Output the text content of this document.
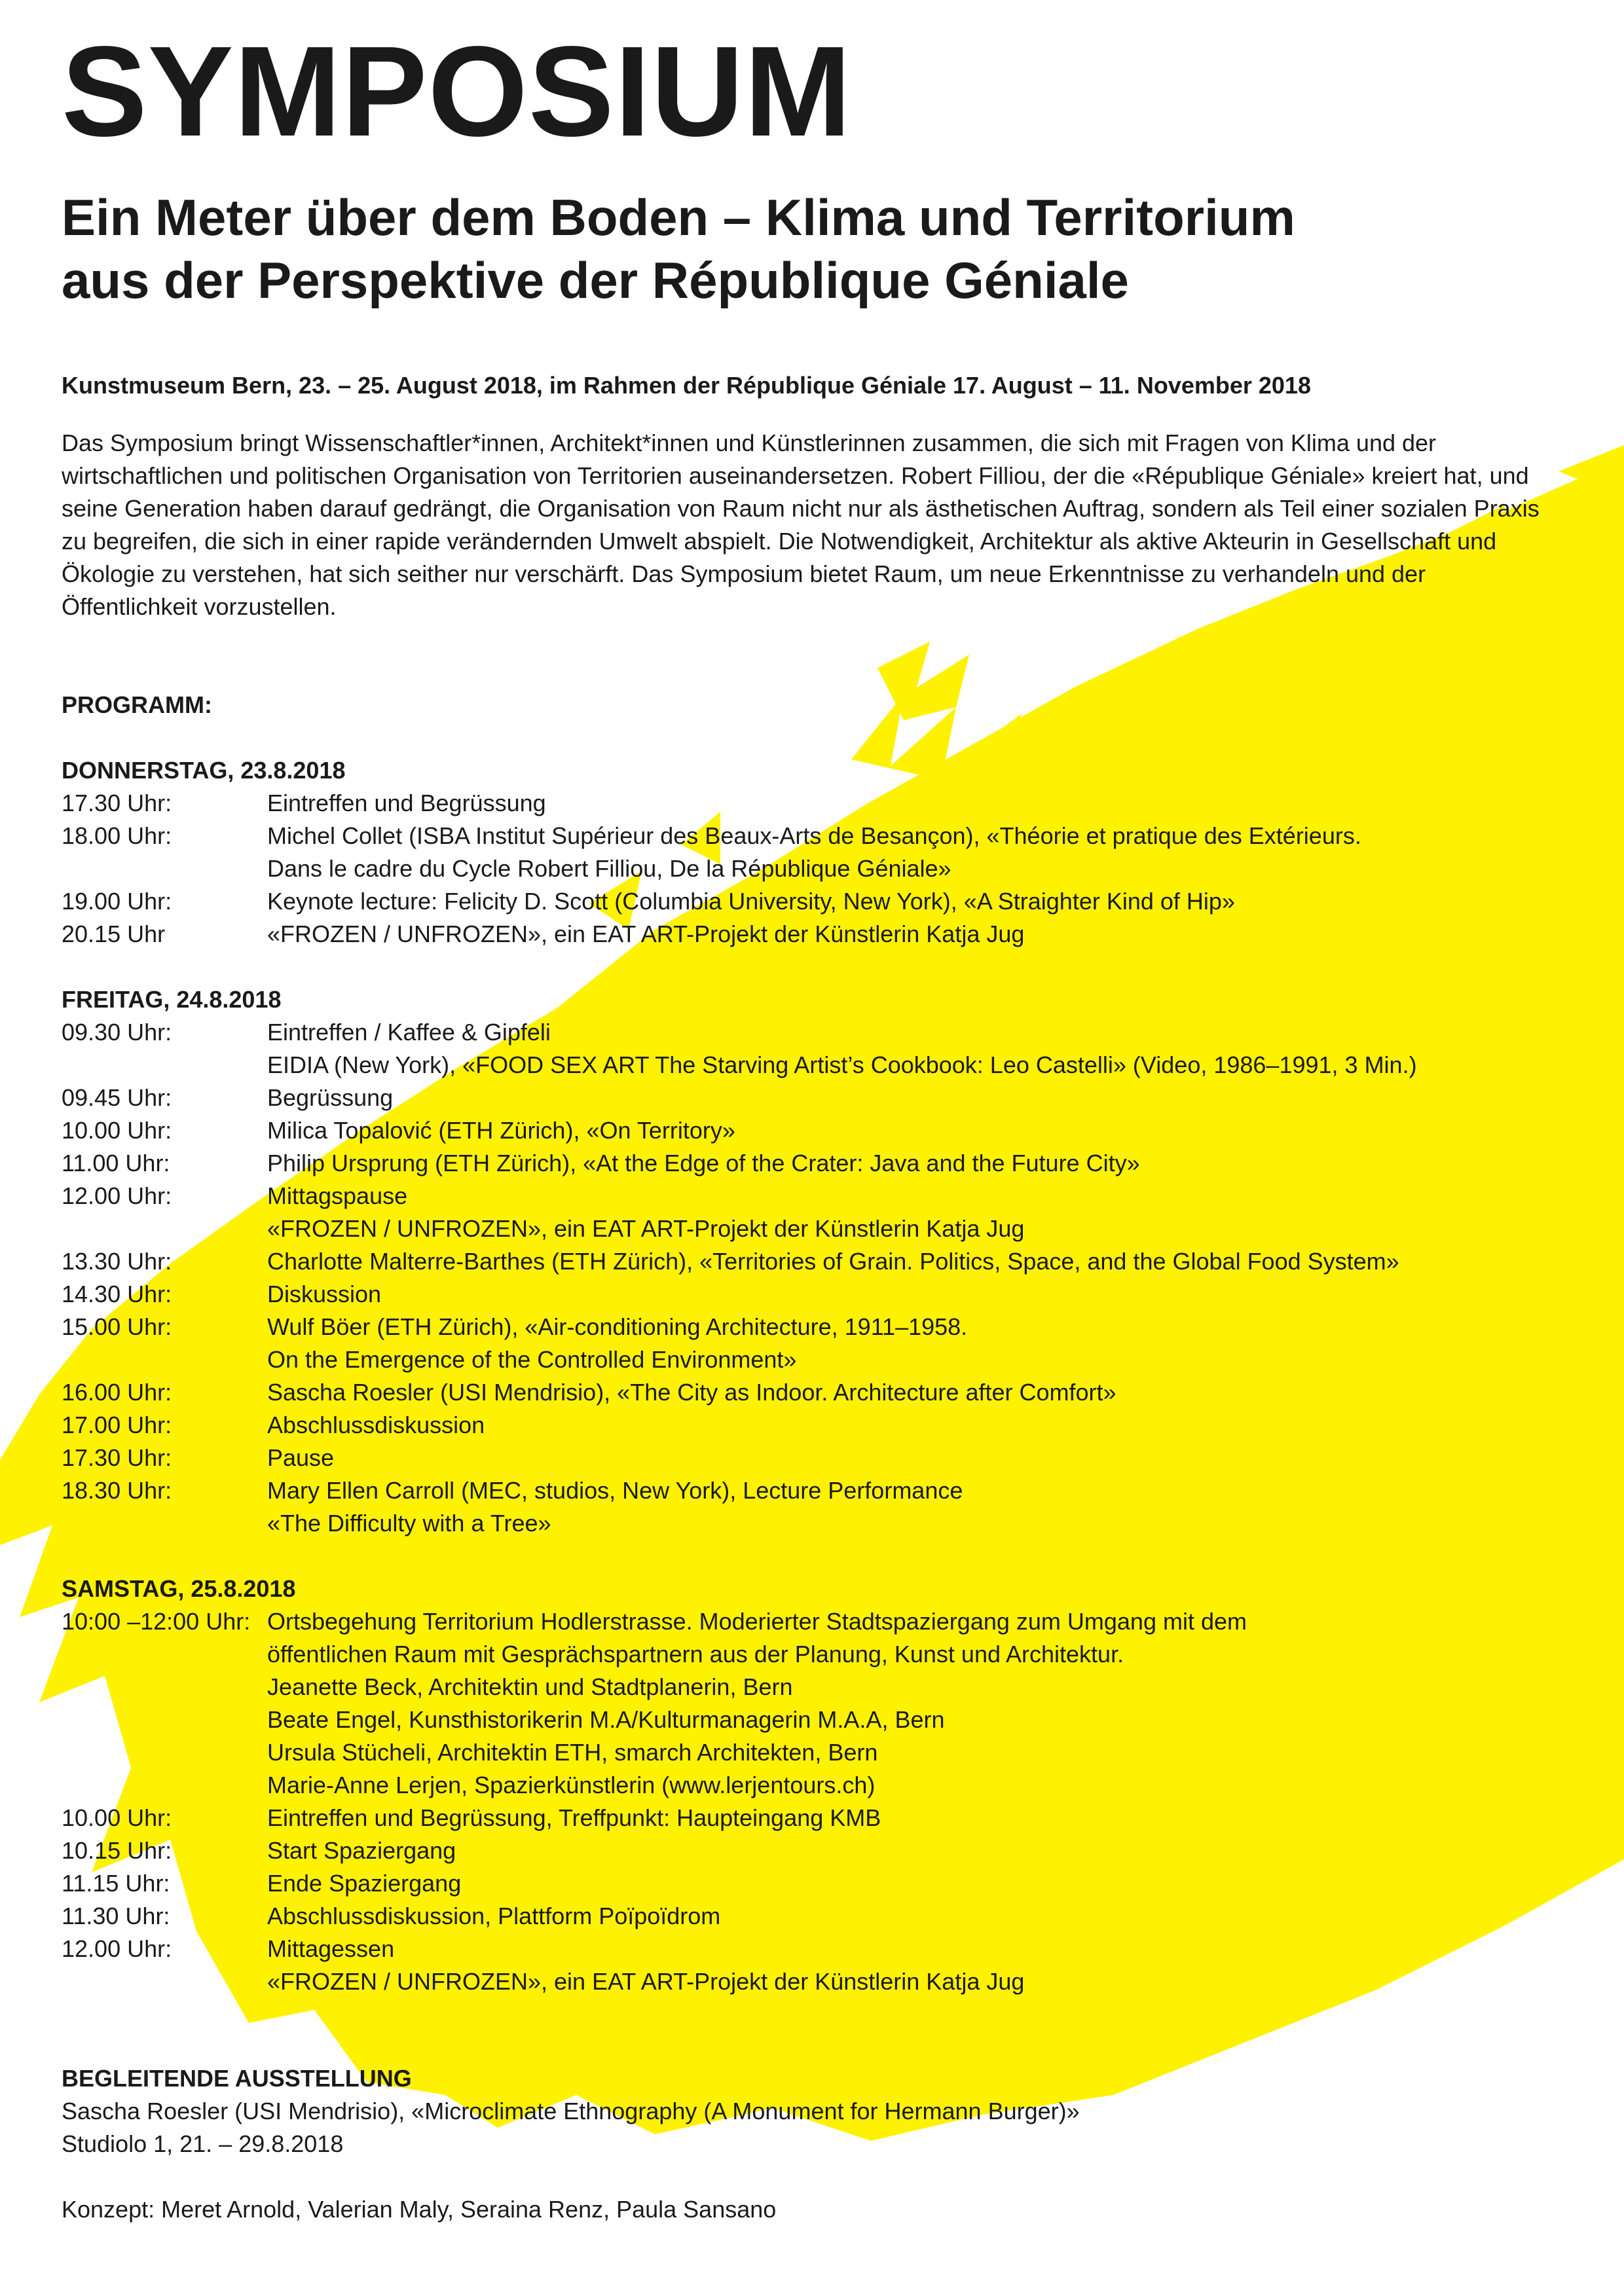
SYMPOSIUM
Ein Meter über dem Boden – Klima und Territorium
aus der Perspektive der République Géniale
Kunstmuseum Bern, 23. – 25. August 2018, im Rahmen der République Géniale 17. August – 11. November 2018
Das Symposium bringt Wissenschaftler*innen, Architekt*innen und Künstlerinnen zusammen, die sich mit Fragen von Klima und der wirtschaftlichen und politischen Organisation von Territorien auseinandersetzen. Robert Filliou, der die «République Géniale» kreiert hat, und seine Generation haben darauf gedrängt, die Organisation von Raum nicht nur als ästhetischen Auftrag, sondern als Teil einer sozialen Praxis zu begreifen, die sich in einer rapide verändernden Umwelt abspielt. Die Notwendigkeit, Architektur als aktive Akteurin in Gesellschaft und Ökologie zu verstehen, hat sich seither nur verschärft. Das Symposium bietet Raum, um neue Erkenntnisse zu verhandeln und der Öffentlichkeit vorzustellen.
PROGRAMM:
DONNERSTAG, 23.8.2018
17.30 Uhr:	Eintreffen und Begrüssung
18.00 Uhr:	Michel Collet (ISBA Institut Supérieur des Beaux-Arts de Besançon), «Théorie et pratique des Extérieurs.
Dans le cadre du Cycle Robert Filliou, De la République Géniale»
19.00 Uhr:	Keynote lecture: Felicity D. Scott (Columbia University, New York), «A Straighter Kind of Hip»
20.15 Uhr	«FROZEN / UNFROZEN», ein EAT ART-Projekt der Künstlerin Katja Jug
FREITAG, 24.8.2018
09.30 Uhr:	Eintreffen / Kaffee & Gipfeli
EIDIA (New York), «FOOD SEX ART The Starving Artist’s Cookbook: Leo Castelli» (Video, 1986–1991, 3 Min.)
09.45 Uhr:	Begrüssung
10.00 Uhr:	Milica Topalović (ETH Zürich), «On Territory»
11.00 Uhr:	Philip Ursprung (ETH Zürich), «At the Edge of the Crater: Java and the Future City»
12.00 Uhr:	Mittagspause
«FROZEN / UNFROZEN», ein EAT ART-Projekt der Künstlerin Katja Jug
13.30 Uhr:	Charlotte Malterre-Barthes (ETH Zürich), «Territories of Grain. Politics, Space, and the Global Food System»
14.30 Uhr:	Diskussion
15.00 Uhr:	Wulf Böer (ETH Zürich), «Air-conditioning Architecture, 1911–1958.
On the Emergence of the Controlled Environment»
16.00 Uhr:	Sascha Roesler (USI Mendrisio), «The City as Indoor. Architecture after Comfort»
17.00 Uhr:	Abschlussdiskussion
17.30 Uhr:	Pause
18.30 Uhr:	Mary Ellen Carroll (MEC, studios, New York), Lecture Performance
«The Difficulty with a Tree»
SAMSTAG, 25.8.2018
10:00 –12:00 Uhr: Ortsbegehung Territorium Hodlerstrasse. Moderierter Stadtspaziergang zum Umgang mit dem
öffentlichen Raum mit Gesprächspartnern aus der Planung, Kunst und Architektur.
Jeanette Beck, Architektin und Stadtplanerin, Bern
Beate Engel, Kunsthistorikerin M.A/Kulturmanagerin M.A.A, Bern
Ursula Stücheli, Architektin ETH, smarch Architekten, Bern
Marie-Anne Lerjen, Spazierkünstlerin (www.lerjentours.ch)
10.00 Uhr:	Eintreffen und Begrüssung, Treffpunkt: Haupteingang KMB
10.15 Uhr:	Start Spaziergang
11.15 Uhr:	Ende Spaziergang
11.30 Uhr:	Abschlussdiskussion, Plattform Poïpoïdrom
12.00 Uhr:	Mittagessen
«FROZEN / UNFROZEN», ein EAT ART-Projekt der Künstlerin Katja Jug
BEGLEITENDE AUSSTELLUNG
Sascha Roesler (USI Mendrisio), «Microclimate Ethnography (A Monument for Hermann Burger)»
Studiolo 1, 21. – 29.8.2018
Konzept: Meret Arnold, Valerian Maly, Seraina Renz, Paula Sansano
